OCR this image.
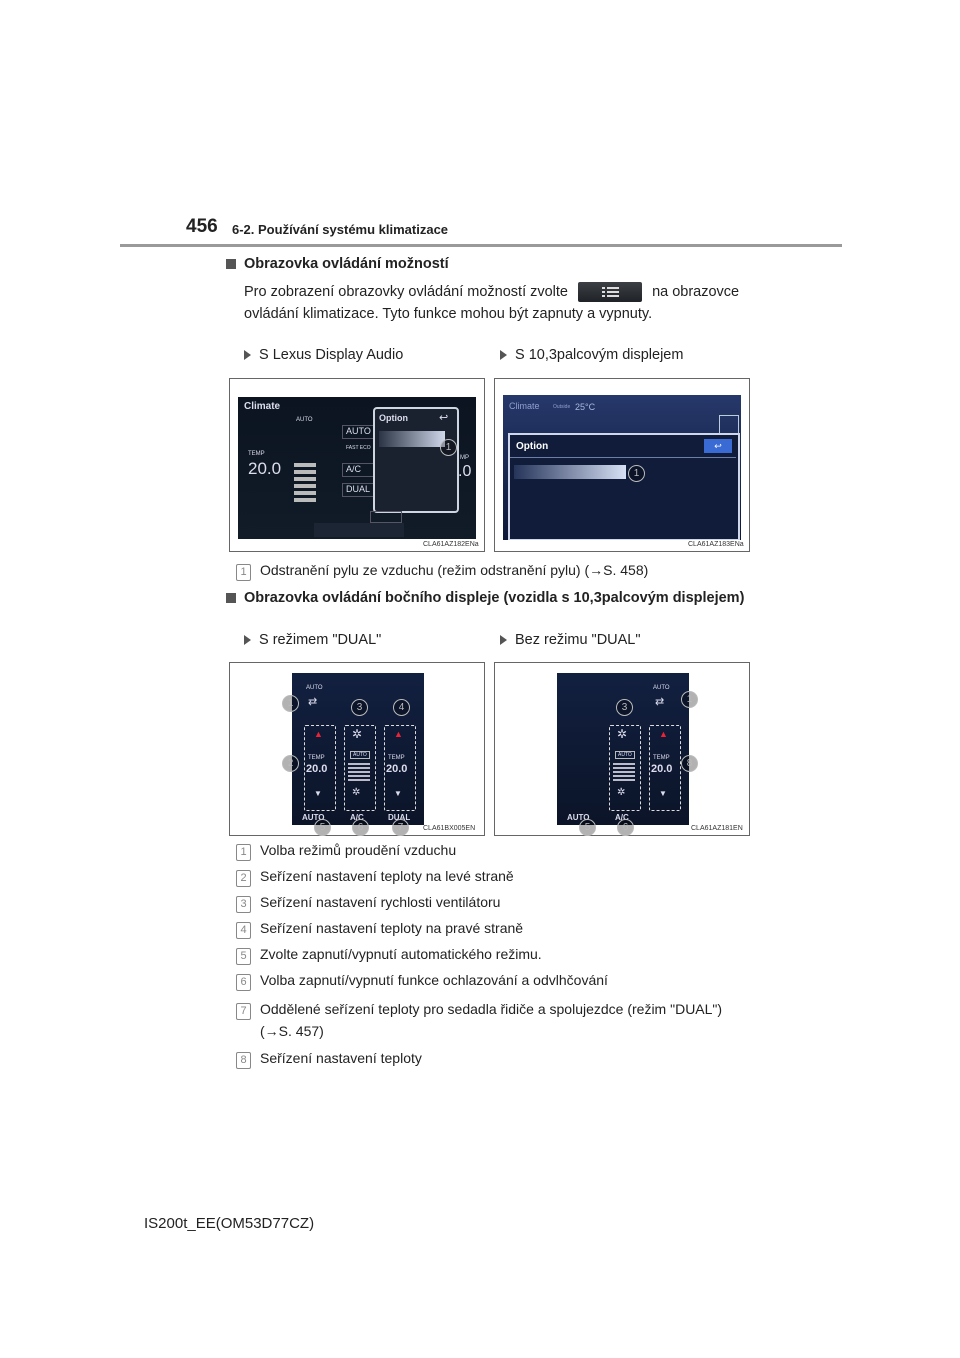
456 6-2. Používání systému klimatizace
Obrazovka ovládání možností
Pro zobrazení obrazovky ovládání možností zvolte	na obrazovce
ovládání klimatizace. Tyto funkce mohou být zapnuty a vypnuty.
S Lexus Display Audio	S 10,3palcovým displejem
Climate
AUTO
TEMP
20.0
AUTO
FAST ECO
A/C
DUAL
Option	↩
MP
.0
1
CLA61AZ182ENa
Climate	Outside 25°C
Option	↩
1
CLA61AZ183ENa
1 Odstranění pylu ze vzduchu (režim odstranění pylu) (→S. 458)
Obrazovka ovládání bočního displeje (vozidla s 10,3palcovým displejem)
S režimem "DUAL"	Bez režimu "DUAL"
AUTO
⇄
▲
TEMP
20.0
▼
✲
AUTO
✲
▲
TEMP
20.0
▼
AUTO	A/C	DUAL
1
2
3	4
5	6	7	CLA61BX005EN
AUTO
⇄
✲
AUTO
✲
▲
TEMP
20.0
▼
AUTO	A/C
1
3
8
5	6	CLA61AZ181EN
1 Volba režimů proudění vzduchu
2 Seřízení nastavení teploty na levé straně
3 Seřízení nastavení rychlosti ventilátoru
4 Seřízení nastavení teploty na pravé straně
5 Zvolte zapnutí/vypnutí automatického režimu.
6 Volba zapnutí/vypnutí funkce ochlazování a odvlhčování
7 Oddělené seřízení teploty pro sedadla řidiče a spolujezdce (režim "DUAL")
(→S. 457)
8 Seřízení nastavení teploty
IS200t_EE(OM53D77CZ)
